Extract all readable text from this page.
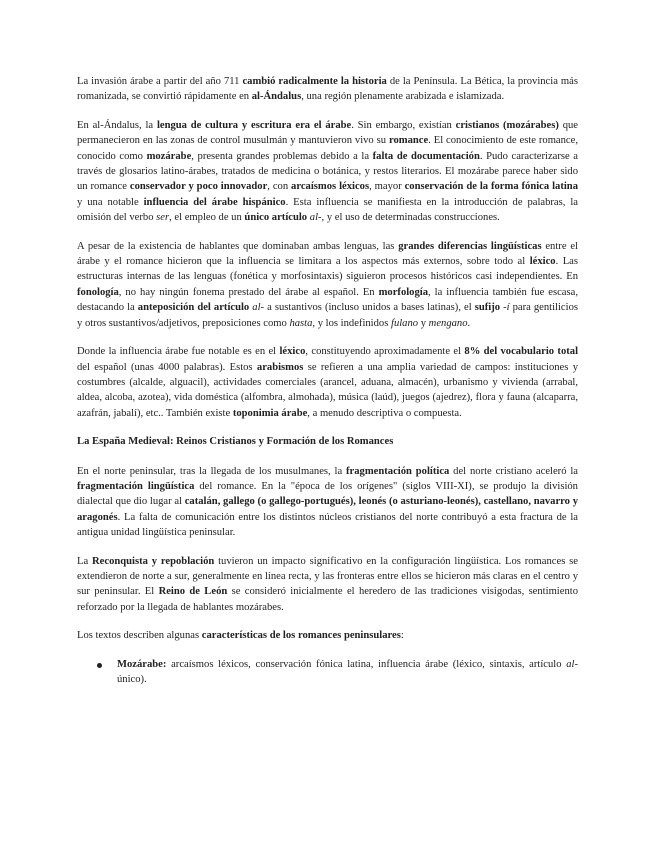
La invasión árabe a partir del año 711 cambió radicalmente la historia de la Península. La Bética, la provincia más romanizada, se convirtió rápidamente en al-Ándalus, una región plenamente arabizada e islamizada.

En al-Ándalus, la lengua de cultura y escritura era el árabe. Sin embargo, existían cristianos (mozárabes) que permanecieron en las zonas de control musulmán y mantuvieron vivo su romance. El conocimiento de este romance, conocido como mozárabe, presenta grandes problemas debido a la falta de documentación. Pudo caracterizarse a través de glosarios latino-árabes, tratados de medicina o botánica, y restos literarios. El mozárabe parece haber sido un romance conservador y poco innovador, con arcaísmos léxicos, mayor conservación de la forma fónica latina y una notable influencia del árabe hispánico. Esta influencia se manifiesta en la introducción de palabras, la omisión del verbo ser, el empleo de un único artículo al-, y el uso de determinadas construcciones.

A pesar de la existencia de hablantes que dominaban ambas lenguas, las grandes diferencias lingüísticas entre el árabe y el romance hicieron que la influencia se limitara a los aspectos más externos, sobre todo al léxico. Las estructuras internas de las lenguas (fonética y morfosintaxis) siguieron procesos históricos casi independientes. En fonología, no hay ningún fonema prestado del árabe al español. En morfología, la influencia también fue escasa, destacando la anteposición del artículo al- a sustantivos (incluso unidos a bases latinas), el sufijo -í para gentilicios y otros sustantivos/adjetivos, preposiciones como hasta, y los indefinidos fulano y mengano.

Donde la influencia árabe fue notable es en el léxico, constituyendo aproximadamente el 8% del vocabulario total del español (unas 4000 palabras). Estos arabismos se refieren a una amplia variedad de campos: instituciones y costumbres (alcalde, alguacil), actividades comerciales (arancel, aduana, almacén), urbanismo y vivienda (arrabal, aldea, alcoba, azotea), vida doméstica (alfombra, almohada), música (laúd), juegos (ajedrez), flora y fauna (alcaparra, azafrán, jabalí), etc.. También existe toponimia árabe, a menudo descriptiva o compuesta.

La España Medieval: Reinos Cristianos y Formación de los Romances

En el norte peninsular, tras la llegada de los musulmanes, la fragmentación política del norte cristiano aceleró la fragmentación lingüística del romance. En la "época de los orígenes" (siglos VIII-XI), se produjo la división dialectal que dio lugar al catalán, gallego (o gallego-portugués), leonés (o asturiano-leonés), castellano, navarro y aragonés. La falta de comunicación entre los distintos núcleos cristianos del norte contribuyó a esta fractura de la antigua unidad lingüística peninsular.

La Reconquista y repoblación tuvieron un impacto significativo en la configuración lingüística. Los romances se extendieron de norte a sur, generalmente en línea recta, y las fronteras entre ellos se hicieron más claras en el centro y sur peninsular. El Reino de León se consideró inicialmente el heredero de las tradiciones visigodas, sentimiento reforzado por la llegada de hablantes mozárabes.

Los textos describen algunas características de los romances peninsulares:

Mozárabe: arcaísmos léxicos, conservación fónica latina, influencia árabe (léxico, sintaxis, artículo al- único).
